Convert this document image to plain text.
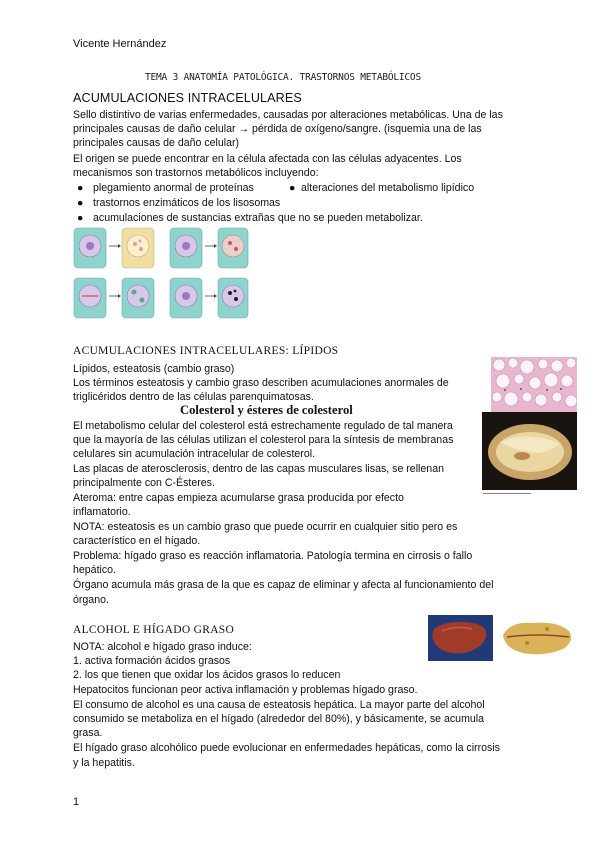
Vicente Hernández
TEMA 3 ANATOMÍA PATOLÓGICA. TRASTORNOS METABÓLICOS
ACUMULACIONES INTRACELULARES
Sello distintivo de varias enfermedades, causadas por alteraciones metabólicas. Una de las
principales causas de daño celular → pérdida de oxígeno/sangre. (isquemia una de las
principales causas de daño celular)
El origen se puede encontrar en la célula afectada con las células adyacentes. Los
mecanismos son trastornos metabólicos incluyendo:
● plegamiento anormal de proteínas	● alteraciones del metabolismo lipídico
● trastornos enzimáticos de los lisosomas
● acumulaciones de sustancias extrañas que no se pueden metabolizar.
ACUMULACIONES INTRACELULARES: LÍPIDOS
Lípidos, esteatosis (cambio graso)
Los términos esteatosis y cambio graso describen acumulaciones anormales de
triglicéridos dentro de las células parenquimatosas.
Colesterol y ésteres de colesterol
El metabolismo celular del colesterol está estrechamente regulado de tal manera
que la mayoría de las células utilizan el colesterol para la síntesis de membranas
celulares sin acumulación intracelular de colesterol.
Las placas de aterosclerosis, dentro de las capas musculares lisas, se rellenan
principalmente con C-Ésteres.
Ateroma: entre capas empieza acumularse grasa producida por efecto
inflamatorio.
NOTA: esteatosis es un cambio graso que puede ocurrir en cualquier sitio pero es
característico en el hígado.
Problema: hígado graso es reacción inflamatoria. Patología termina en cirrosis o fallo
hepático.
Órgano acumula más grasa de la que es capaz de eliminar y afecta al funcionamiento del
órgano.
━━━━━━━━━━━━━━━━━━━━
ALCOHOL E HÍGADO GRASO
NOTA: alcohol e hígado graso induce:
1. activa formación ácidos grasos
2. los que tienen que oxidar los ácidos grasos lo reducen
Hepatocitos funcionan peor activa inflamación y problemas hígado graso.
El consumo de alcohol es una causa de esteatosis hepática. La mayor parte del alcohol
consumido se metaboliza en el hígado (alrededor del 80%), y básicamente, se acumula
grasa.
El hígado graso alcohólico puede evolucionar en enfermedades hepáticas, como la cirrosis
y la hepatitis.
1
